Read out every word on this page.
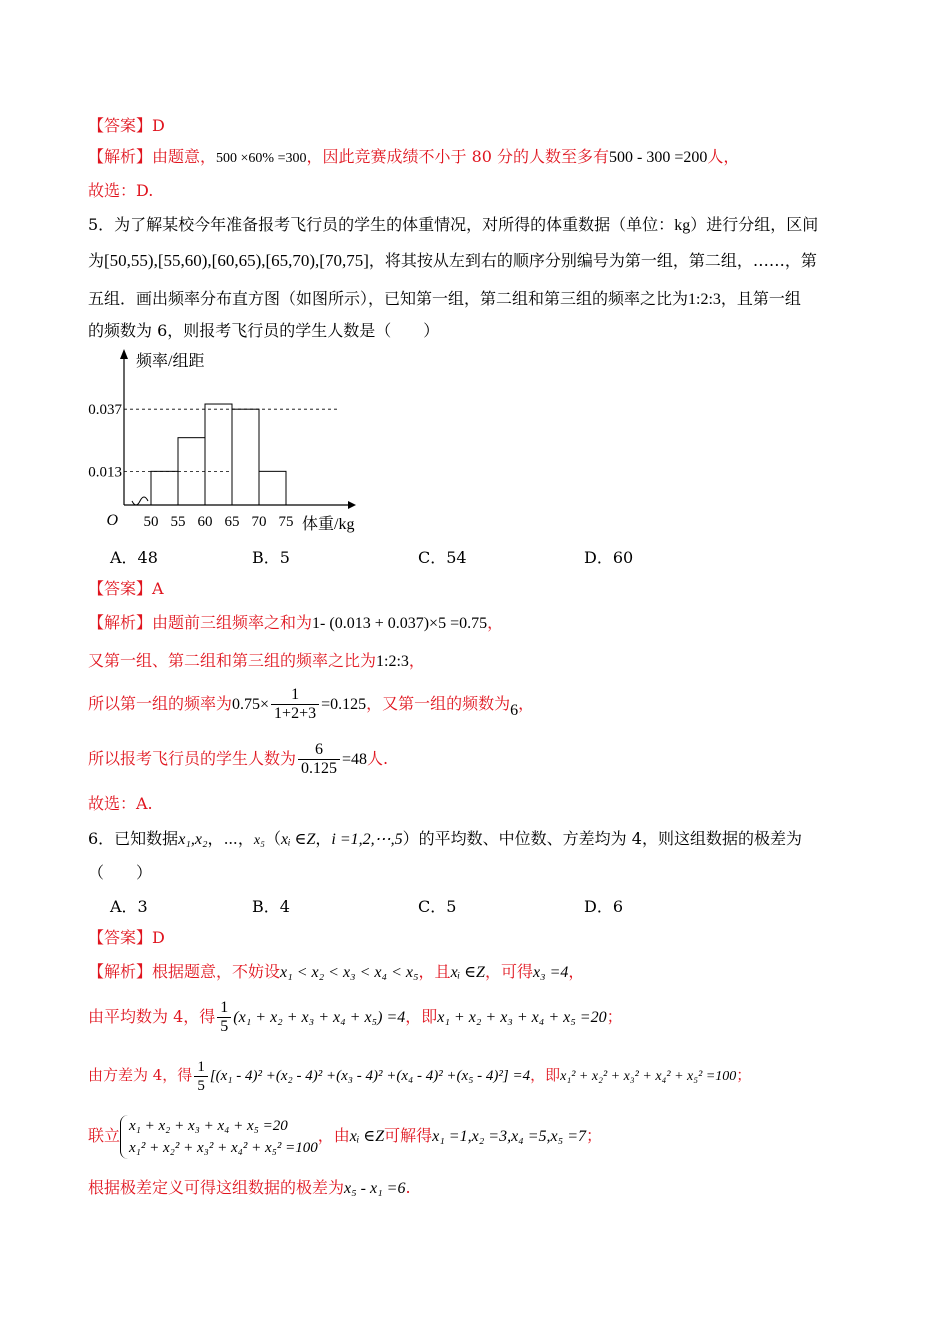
【答案】D
【解析】由题意，500 ×60% =300，因此竞赛成绩不小于 80 分的人数至多有500 - 300 =200人，
故选：D.
5．为了解某校今年准备报考飞行员的学生的体重情况，对所得的体重数据（单位：kg）进行分组，区间
为[50,55),[55,60),[60,65),[65,70),[70,75]，将其按从左到右的顺序分别编号为第一组，第二组，……，第
五组．画出频率分布直方图（如图所示），已知第一组，第二组和第三组的频率之比为1:2:3，且第一组
的频数为 6，则报考飞行员的学生人数是（　　）
0.037
0.013
50 55 60 65 70 75
O
频率/组距
体重/kg
A．48	B．5	C．54	D．60
【答案】A
【解析】由题前三组频率之和为1- (0.013 + 0.037)×5 =0.75，
又第一组、第二组和第三组的频率之比为1:2:3，
所以第一组的频率为$0.75\times \frac{1}{1+2+3} =0.125$，又第一组的频数为6，
所以报考飞行员的学生人数为 $\frac{6}{0.125} =48$人.
故选：A.
6．已知数据x₁,x₂，⋯，x₅（xᵢ ∈Z，i =1,2,⋯,5）的平均数、中位数、方差均为 4，则这组数据的极差为
（　　）
A．3	B．4	C．5	D．6
【答案】D
【解析】根据题意，不妨设x₁ < x₂ < x₃ < x₄ < x₅，且xᵢ ∈Z，可得x₃ =4，
由平均数为 4，得 $\frac{1}{5} (x_1 + x_2 + x_3 + x_4 + x_5) =4$，即x₁ + x₂ + x₃ + x₄ + x₅ =20；
由方差为 4，得 $\frac{1}{5} [(x_1 - 4)^2 +(x_2 - 4)^2 +(x_3 - 4)^2 +(x_4 - 4)^2 +(x_5 - 4)^2] =4$，即x₁² + x₂² + x₃² + x₄² + x₅² =100；
联立
x₁ + x₂ + x₃ + x₄ + x₅ =20
x₁² + x₂² + x₃² + x₄² + x₅² =100
，由xᵢ ∈Z可解得x₁ =1,x₂ =3,x₄ =5,x₅ =7；
根据极差定义可得这组数据的极差为x₅ - x₁ =6.
